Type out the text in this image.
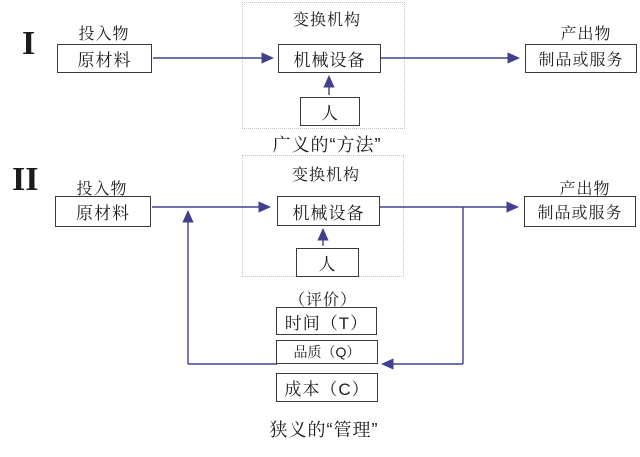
I	投入物
原材料
变换机构
机械设备
人
产出物
制品或服务
广义的“方法”
II	投入物
原材料
变换机构
机械设备
人
产出物
制品或服务
（评价）
时间（T）
品质（Q）
成本（C）
狭义的“管理”
